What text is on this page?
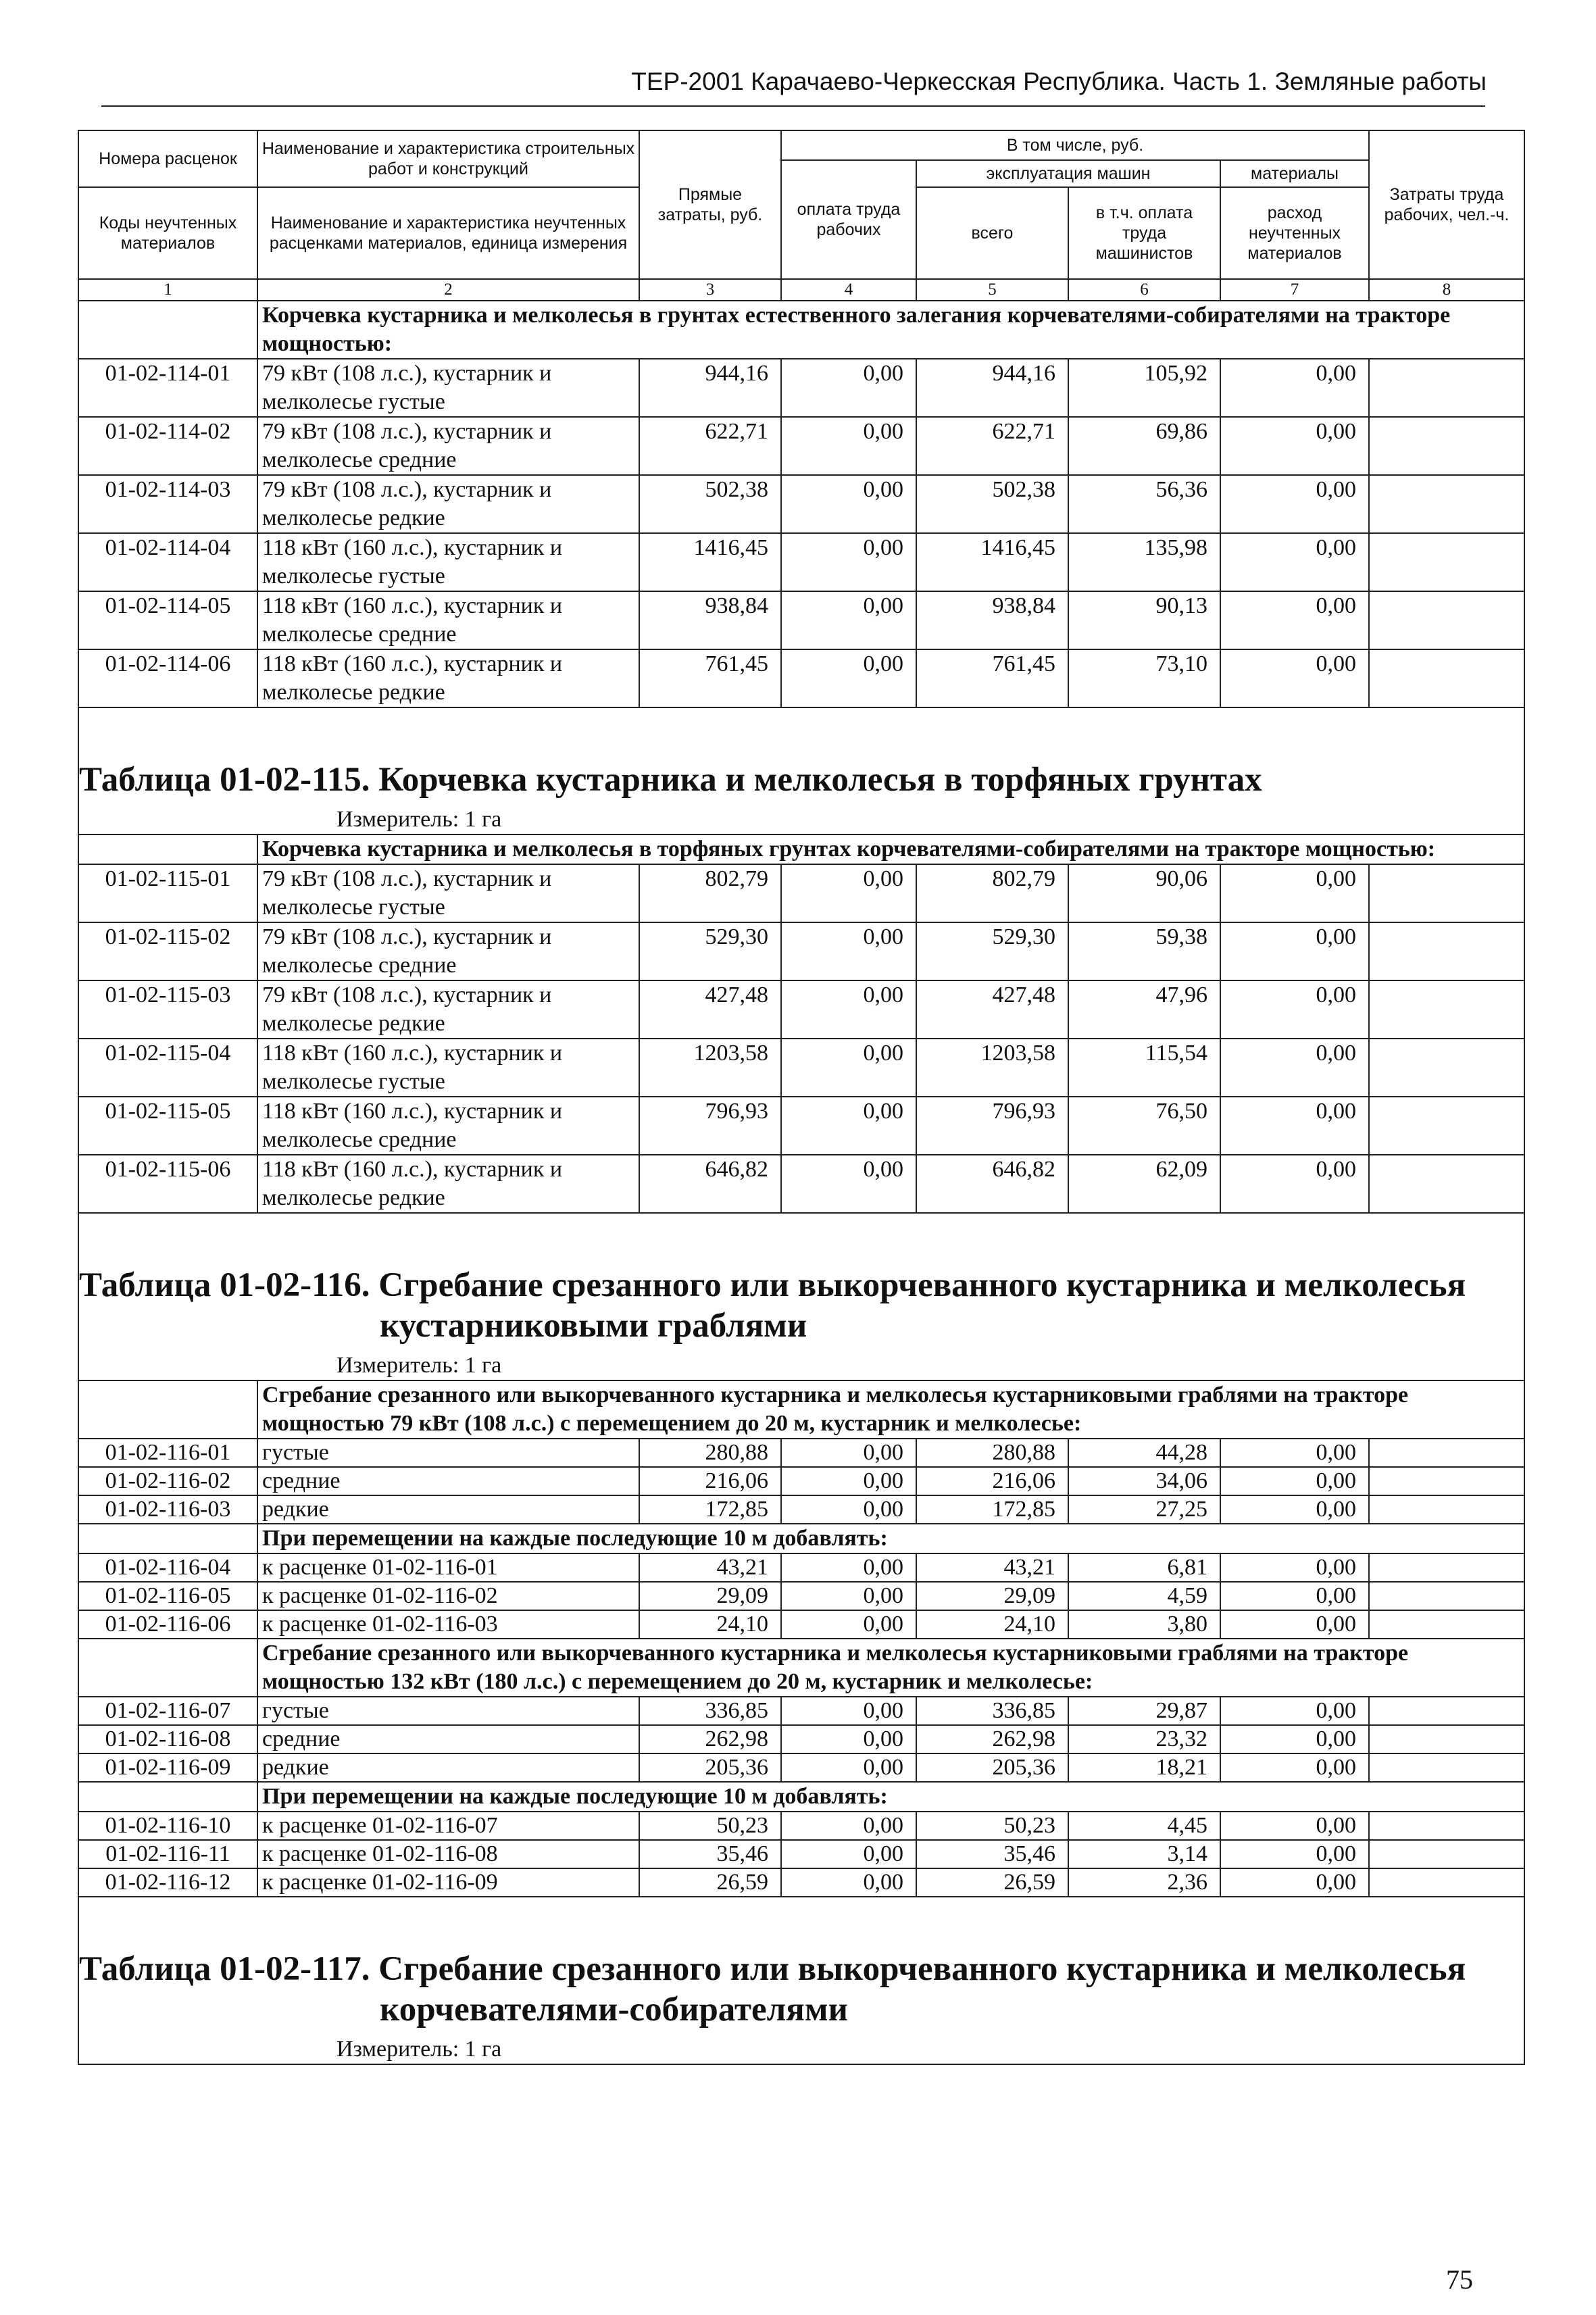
ТЕР-2001 Карачаево-Черкесская Республика. Часть 1. Земляные работы
Номера расценок	Наименование и характеристика строительных работ и конструкций	Прямые затраты, руб.	В том числе, руб.				Затраты труда рабочих, чел.-ч.
			оплата труда рабочих	эксплуатация машин		материалы	
Коды неучтенных материалов	Наименование и характеристика неучтенных расценками материалов, единица измерения			всего	в т.ч. оплата труда машинистов	расход неучтенных материалов	

1	2	3	4	5	6	7	8
	Корчевка кустарника и мелколесья в грунтах естественного залегания корчевателями-собирателями на тракторе мощностью:						
01-02-114-01	79 кВт (108 л.с.), кустарник и мелколесье густые	944,16	0,00	944,16	105,92	0,00	
01-02-114-02	79 кВт (108 л.с.), кустарник и мелколесье средние	622,71	0,00	622,71	69,86	0,00	
01-02-114-03	79 кВт (108 л.с.), кустарник и мелколесье редкие	502,38	0,00	502,38	56,36	0,00	
01-02-114-04	118 кВт (160 л.с.), кустарник и мелколесье густые	1416,45	0,00	1416,45	135,98	0,00	
01-02-114-05	118 кВт (160 л.с.), кустарник и мелколесье средние	938,84	0,00	938,84	90,13	0,00	
01-02-114-06	118 кВт (160 л.с.), кустарник и мелколесье редкие	761,45	0,00	761,45	73,10	0,00	

Таблица 01-02-115. Корчевка кустарника и мелколесья в торфяных грунтах							
Измеритель: 1 га							
	Корчевка кустарника и мелколесья в торфяных грунтах корчевателями-собирателями на тракторе мощностью:						
01-02-115-01	79 кВт (108 л.с.), кустарник и мелколесье густые	802,79	0,00	802,79	90,06	0,00	
01-02-115-02	79 кВт (108 л.с.), кустарник и мелколесье средние	529,30	0,00	529,30	59,38	0,00	
01-02-115-03	79 кВт (108 л.с.), кустарник и мелколесье редкие	427,48	0,00	427,48	47,96	0,00	
01-02-115-04	118 кВт (160 л.с.), кустарник и мелколесье густые	1203,58	0,00	1203,58	115,54	0,00	
01-02-115-05	118 кВт (160 л.с.), кустарник и мелколесье средние	796,93	0,00	796,93	76,50	0,00	
01-02-115-06	118 кВт (160 л.с.), кустарник и мелколесье редкие	646,82	0,00	646,82	62,09	0,00	

Таблица 01-02-116. Сгребание срезанного или выкорчеванного кустарника и мелколесья
кустарниковыми граблями							

Измеритель: 1 га							
	Сгребание срезанного или выкорчеванного кустарника и мелколесья кустарниковыми граблями на тракторе мощностью 79 кВт (108 л.с.) с перемещением до 20 м, кустарник и мелколесье:						
01-02-116-01	густые	280,88	0,00	280,88	44,28	0,00	
01-02-116-02	средние	216,06	0,00	216,06	34,06	0,00	
01-02-116-03	редкие	172,85	0,00	172,85	27,25	0,00	
	При перемещении на каждые последующие 10 м добавлять:						
01-02-116-04	к расценке 01-02-116-01	43,21	0,00	43,21	6,81	0,00	
01-02-116-05	к расценке 01-02-116-02	29,09	0,00	29,09	4,59	0,00	
01-02-116-06	к расценке 01-02-116-03	24,10	0,00	24,10	3,80	0,00	
	Сгребание срезанного или выкорчеванного кустарника и мелколесья кустарниковыми граблями на тракторе мощностью 132 кВт (180 л.с.) с перемещением до 20 м, кустарник и мелколесье:						
01-02-116-07	густые	336,85	0,00	336,85	29,87	0,00	
01-02-116-08	средние	262,98	0,00	262,98	23,32	0,00	
01-02-116-09	редкие	205,36	0,00	205,36	18,21	0,00	
	При перемещении на каждые последующие 10 м добавлять:						
01-02-116-10	к расценке 01-02-116-07	50,23	0,00	50,23	4,45	0,00	
01-02-116-11	к расценке 01-02-116-08	35,46	0,00	35,46	3,14	0,00	
01-02-116-12	к расценке 01-02-116-09	26,59	0,00	26,59	2,36	0,00	

Таблица 01-02-117. Сгребание срезанного или выкорчеванного кустарника и мелколесья
корчевателями-собирателями							

Измеритель: 1 га							
75
